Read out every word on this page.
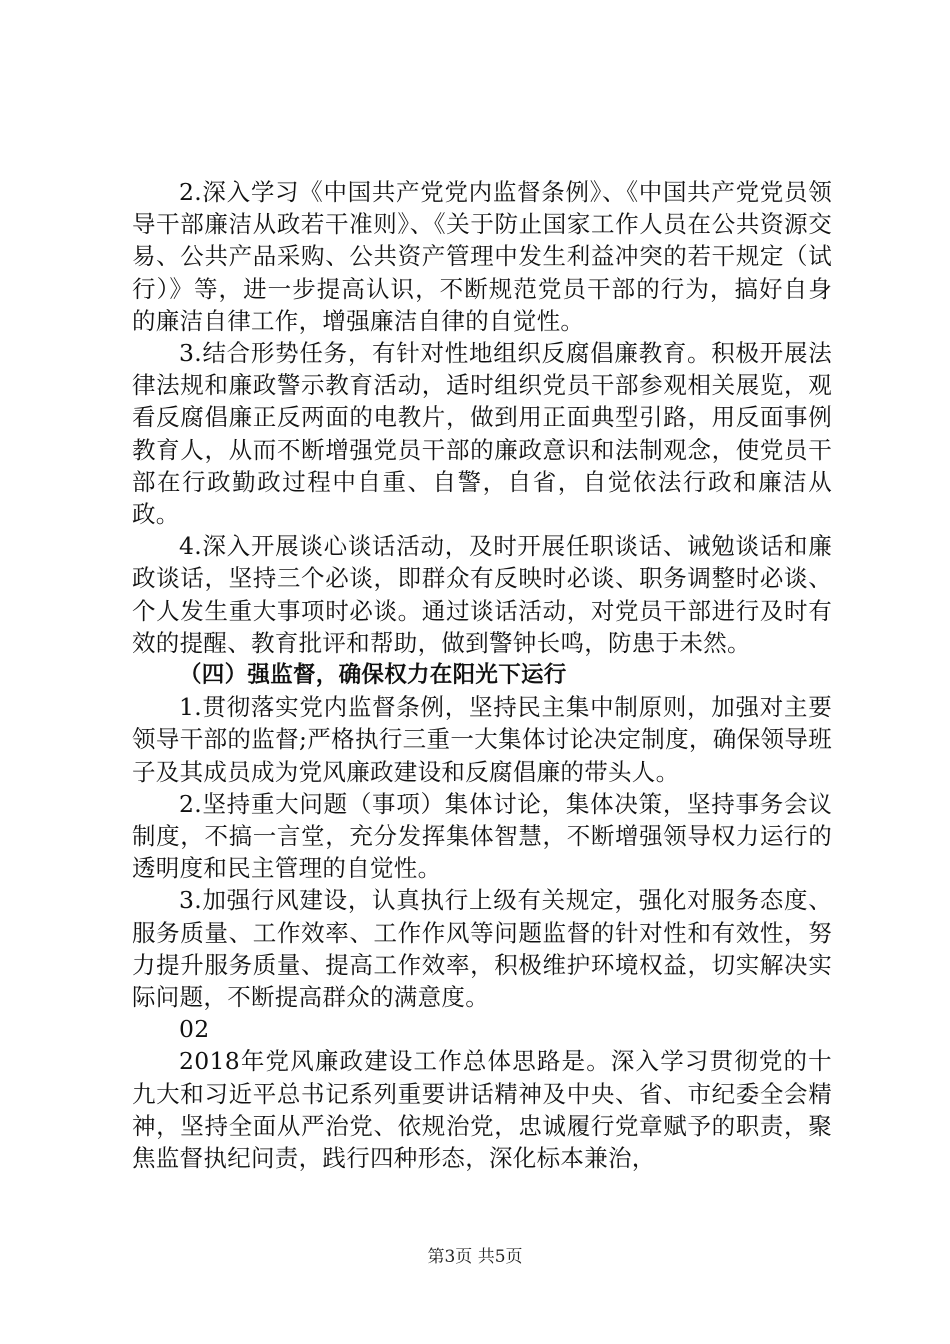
2.深入学习《中国共产党党内监督条例》、《中国共产党党员领导干部廉洁从政若干准则》、《关于防止国家工作人员在公共资源交易、公共产品采购、公共资产管理中发生利益冲突的若干规定（试行）》等，进一步提高认识，不断规范党员干部的行为，搞好自身的廉洁自律工作，增强廉洁自律的自觉性。

3.结合形势任务，有针对性地组织反腐倡廉教育。积极开展法律法规和廉政警示教育活动，适时组织党员干部参观相关展览，观看反腐倡廉正反两面的电教片，做到用正面典型引路，用反面事例教育人，从而不断增强党员干部的廉政意识和法制观念，使党员干部在行政勤政过程中自重、自警，自省，自觉依法行政和廉洁从政。

4.深入开展谈心谈话活动，及时开展任职谈话、诫勉谈话和廉政谈话，坚持三个必谈，即群众有反映时必谈、职务调整时必谈、个人发生重大事项时必谈。通过谈话活动，对党员干部进行及时有效的提醒、教育批评和帮助，做到警钟长鸣，防患于未然。

（四）强监督，确保权力在阳光下运行

1.贯彻落实党内监督条例，坚持民主集中制原则，加强对主要领导干部的监督;严格执行三重一大集体讨论决定制度，确保领导班子及其成员成为党风廉政建设和反腐倡廉的带头人。

2.坚持重大问题（事项）集体讨论，集体决策，坚持事务会议制度，不搞一言堂，充分发挥集体智慧，不断增强领导权力运行的透明度和民主管理的自觉性。

3.加强行风建设，认真执行上级有关规定，强化对服务态度、服务质量、工作效率、工作作风等问题监督的针对性和有效性，努力提升服务质量、提高工作效率，积极维护环境权益，切实解决实际问题，不断提高群众的满意度。

02

2018年党风廉政建设工作总体思路是。深入学习贯彻党的十九大和习近平总书记系列重要讲话精神及中央、省、市纪委全会精神，坚持全面从严治党、依规治党，忠诚履行党章赋予的职责，聚焦监督执纪问责，践行四种形态，深化标本兼治，

第3页 共5页
